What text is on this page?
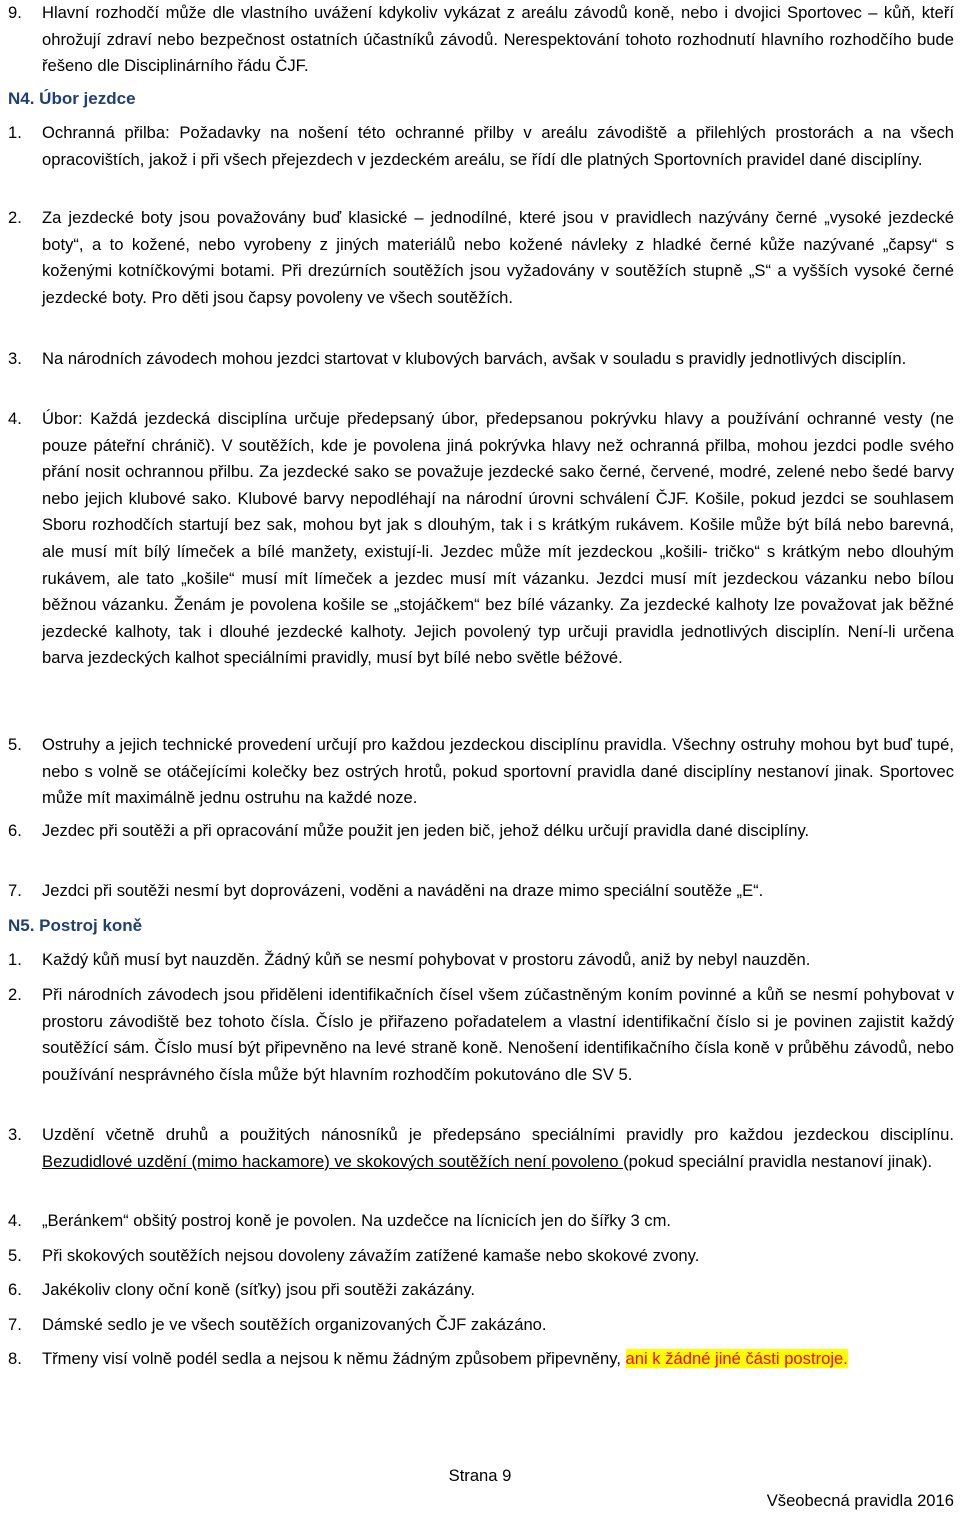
9.	Hlavní rozhodčí může dle vlastního uvážení kdykoliv vykázat z areálu závodů koně, nebo i dvojici Sportovec – kůň, kteří ohrožují zdraví nebo bezpečnost ostatních účastníků závodů. Nerespektování tohoto rozhodnutí hlavního rozhodčího bude řešeno dle Disciplinárního řádu ČJF.
N4. Úbor jezdce
1.	Ochranná přilba: Požadavky na nošení této ochranné přilby v areálu závodiště a přilehlých prostorách a na všech opracovištích, jakož i při všech přejezdech v jezdeckém areálu, se řídí dle platných Sportovních pravidel dané disciplíny.
2.	Za jezdecké boty jsou považovány buď klasické – jednodílné, které jsou v pravidlech nazývány černé „vysoké jezdecké boty“, a to kožené, nebo vyrobeny z jiných materiálů nebo kožené návleky z hladké černé kůže nazývané „čapsy“ s koženými kotníčkovými botami. Při drezúrních soutěžích jsou vyžadovány v soutěžích stupně „S“ a vyšších vysoké černé jezdecké boty. Pro děti jsou čapsy povoleny ve všech soutěžích.
3.	Na národních závodech mohou jezdci startovat v klubových barvách, avšak v souladu s pravidly jednotlivých disciplín.
4.	Úbor: Každá jezdecká disciplína určuje předepsaný úbor, předepsanou pokrývku hlavy a používání ochranné vesty (ne pouze páteřní chránič). V soutěžích, kde je povolena jiná pokrývka hlavy než ochranná přilba, mohou jezdci podle svého přání nosit ochrannou přilbu. Za jezdecké sako se považuje jezdecké sako černé, červené, modré, zelené nebo šedé barvy nebo jejich klubové sako. Klubové barvy nepodléhají na národní úrovni schválení ČJF. Košile, pokud jezdci se souhlasem Sboru rozhodčích startují bez sak, mohou byt jak s dlouhým, tak i s krátkým rukávem. Košile může být bílá nebo barevná, ale musí mít bílý límeček a bílé manžety, existují-li. Jezdec může mít jezdeckou „košili- tričko“ s krátkým nebo dlouhým rukávem, ale tato „košile“ musí mít límeček a jezdec musí mít vázanku. Jezdci musí mít jezdeckou vázanku nebo bílou běžnou vázanku. Ženám je povolena košile se „stojáčkem“ bez bílé vázanky. Za jezdecké kalhoty lze považovat jak běžné jezdecké kalhoty, tak i dlouhé jezdecké kalhoty. Jejich povolený typ určuji pravidla jednotlivých disciplín. Není-li určena barva jezdeckých kalhot speciálními pravidly, musí byt bílé nebo světle béžové.
5.	Ostruhy a jejich technické provedení určují pro každou jezdeckou disciplínu pravidla. Všechny ostruhy mohou byt buď tupé, nebo s volně se otáčejícími kolečky bez ostrých hrotů, pokud sportovní pravidla dané disciplíny nestanoví jinak. Sportovec může mít maximálně jednu ostruhu na každé noze.
6.	Jezdec při soutěži a při opracování může použit jen jeden bič, jehož délku určují pravidla dané disciplíny.
7.	Jezdci při soutěži nesmí byt doprovázeni, voděni a naváděni na draze mimo speciální soutěže „E“.
N5. Postroj koně
1.	Každý kůň musí byt nauzděn. Žádný kůň se nesmí pohybovat v prostoru závodů, aniž by nebyl nauzděn.
2.	Při národních závodech jsou přiděleni identifikačních čísel všem zúčastněným koním povinné a kůň se nesmí pohybovat v prostoru závodiště bez tohoto čísla. Číslo je přiřazeno pořadatelem a vlastní identifikační číslo si je povinen zajistit každý soutěžící sám. Číslo musí být připevněno na levé straně koně. Nenošení identifikačního čísla koně v průběhu závodů, nebo používání nesprávného čísla může být hlavním rozhodčím pokutováno dle SV 5.
3.	Uzdění včetně druhů a použitých nánosníků je předepsáno speciálními pravidly pro každou jezdeckou disciplínu. Bezudidlové uzdění (mimo hackamore) ve skokových soutěžích není povoleno (pokud speciální pravidla nestanoví jinak).
4.	„Beránkem“ obšitý postroj koně je povolen. Na uzdečce na lícnicích jen do šířky 3 cm.
5.	Při skokových soutěžích nejsou dovoleny závažím zatížené kamaše nebo skokové zvony.
6.	Jakékoliv clony oční koně (síťky) jsou při soutěži zakázány.
7.	Dámské sedlo je ve všech soutěžích organizovaných ČJF zakázáno.
8.	Třmeny visí volně podél sedla a nejsou k němu žádným způsobem připevněny, ani k žádné jiné části postroje.
Strana 9
Všeobecná pravidla 2016
